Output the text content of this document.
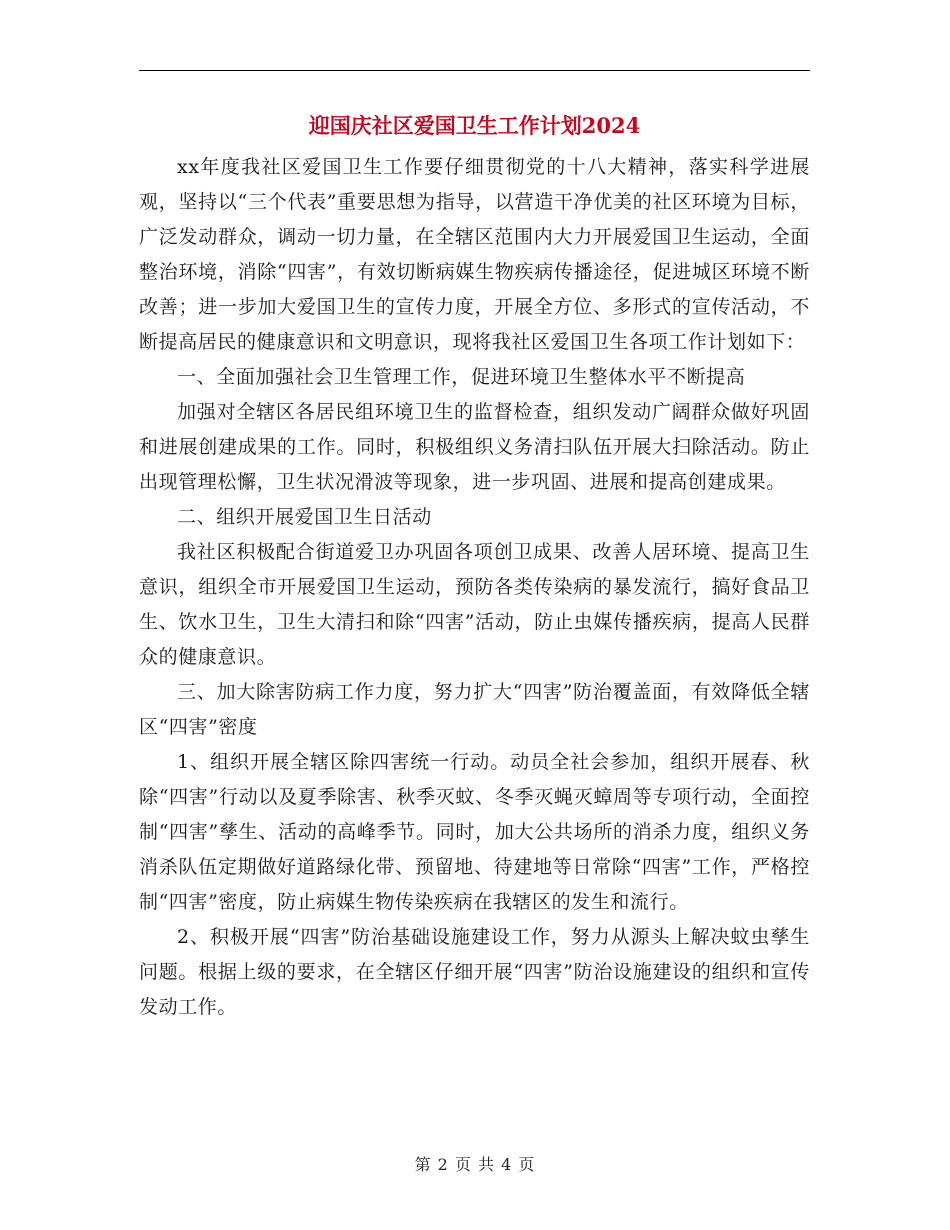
迎国庆社区爱国卫生工作计划2024

xx年度我社区爱国卫生工作要仔细贯彻党的十八大精神，落实科学进展观，坚持以“三个代表”重要思想为指导，以营造干净优美的社区环境为目标，广泛发动群众，调动一切力量，在全辖区范围内大力开展爱国卫生运动，全面整治环境，消除“四害”，有效切断病媒生物疾病传播途径，促进城区环境不断改善；进一步加大爱国卫生的宣传力度，开展全方位、多形式的宣传活动，不断提高居民的健康意识和文明意识，现将我社区爱国卫生各项工作计划如下：

一、全面加强社会卫生管理工作，促进环境卫生整体水平不断提高

加强对全辖区各居民组环境卫生的监督检查，组织发动广阔群众做好巩固和进展创建成果的工作。同时，积极组织义务清扫队伍开展大扫除活动。防止出现管理松懈，卫生状况滑波等现象，进一步巩固、进展和提高创建成果。

二、组织开展爱国卫生日活动

我社区积极配合街道爱卫办巩固各项创卫成果、改善人居环境、提高卫生意识，组织全市开展爱国卫生运动，预防各类传染病的暴发流行，搞好食品卫生、饮水卫生，卫生大清扫和除“四害”活动，防止虫媒传播疾病，提高人民群众的健康意识。

三、加大除害防病工作力度，努力扩大“四害”防治覆盖面，有效降低全辖区“四害”密度

1、组织开展全辖区除四害统一行动。动员全社会参加，组织开展春、秋除“四害”行动以及夏季除害、秋季灭蚊、冬季灭蝇灭蟑周等专项行动，全面控制“四害”孳生、活动的高峰季节。同时，加大公共场所的消杀力度，组织义务消杀队伍定期做好道路绿化带、预留地、待建地等日常除“四害”工作，严格控制“四害”密度，防止病媒生物传染疾病在我辖区的发生和流行。

2、积极开展“四害”防治基础设施建设工作，努力从源头上解决蚊虫孳生问题。根据上级的要求，在全辖区仔细开展“四害”防治设施建设的组织和宣传发动工作。

第 2 页 共 4 页
